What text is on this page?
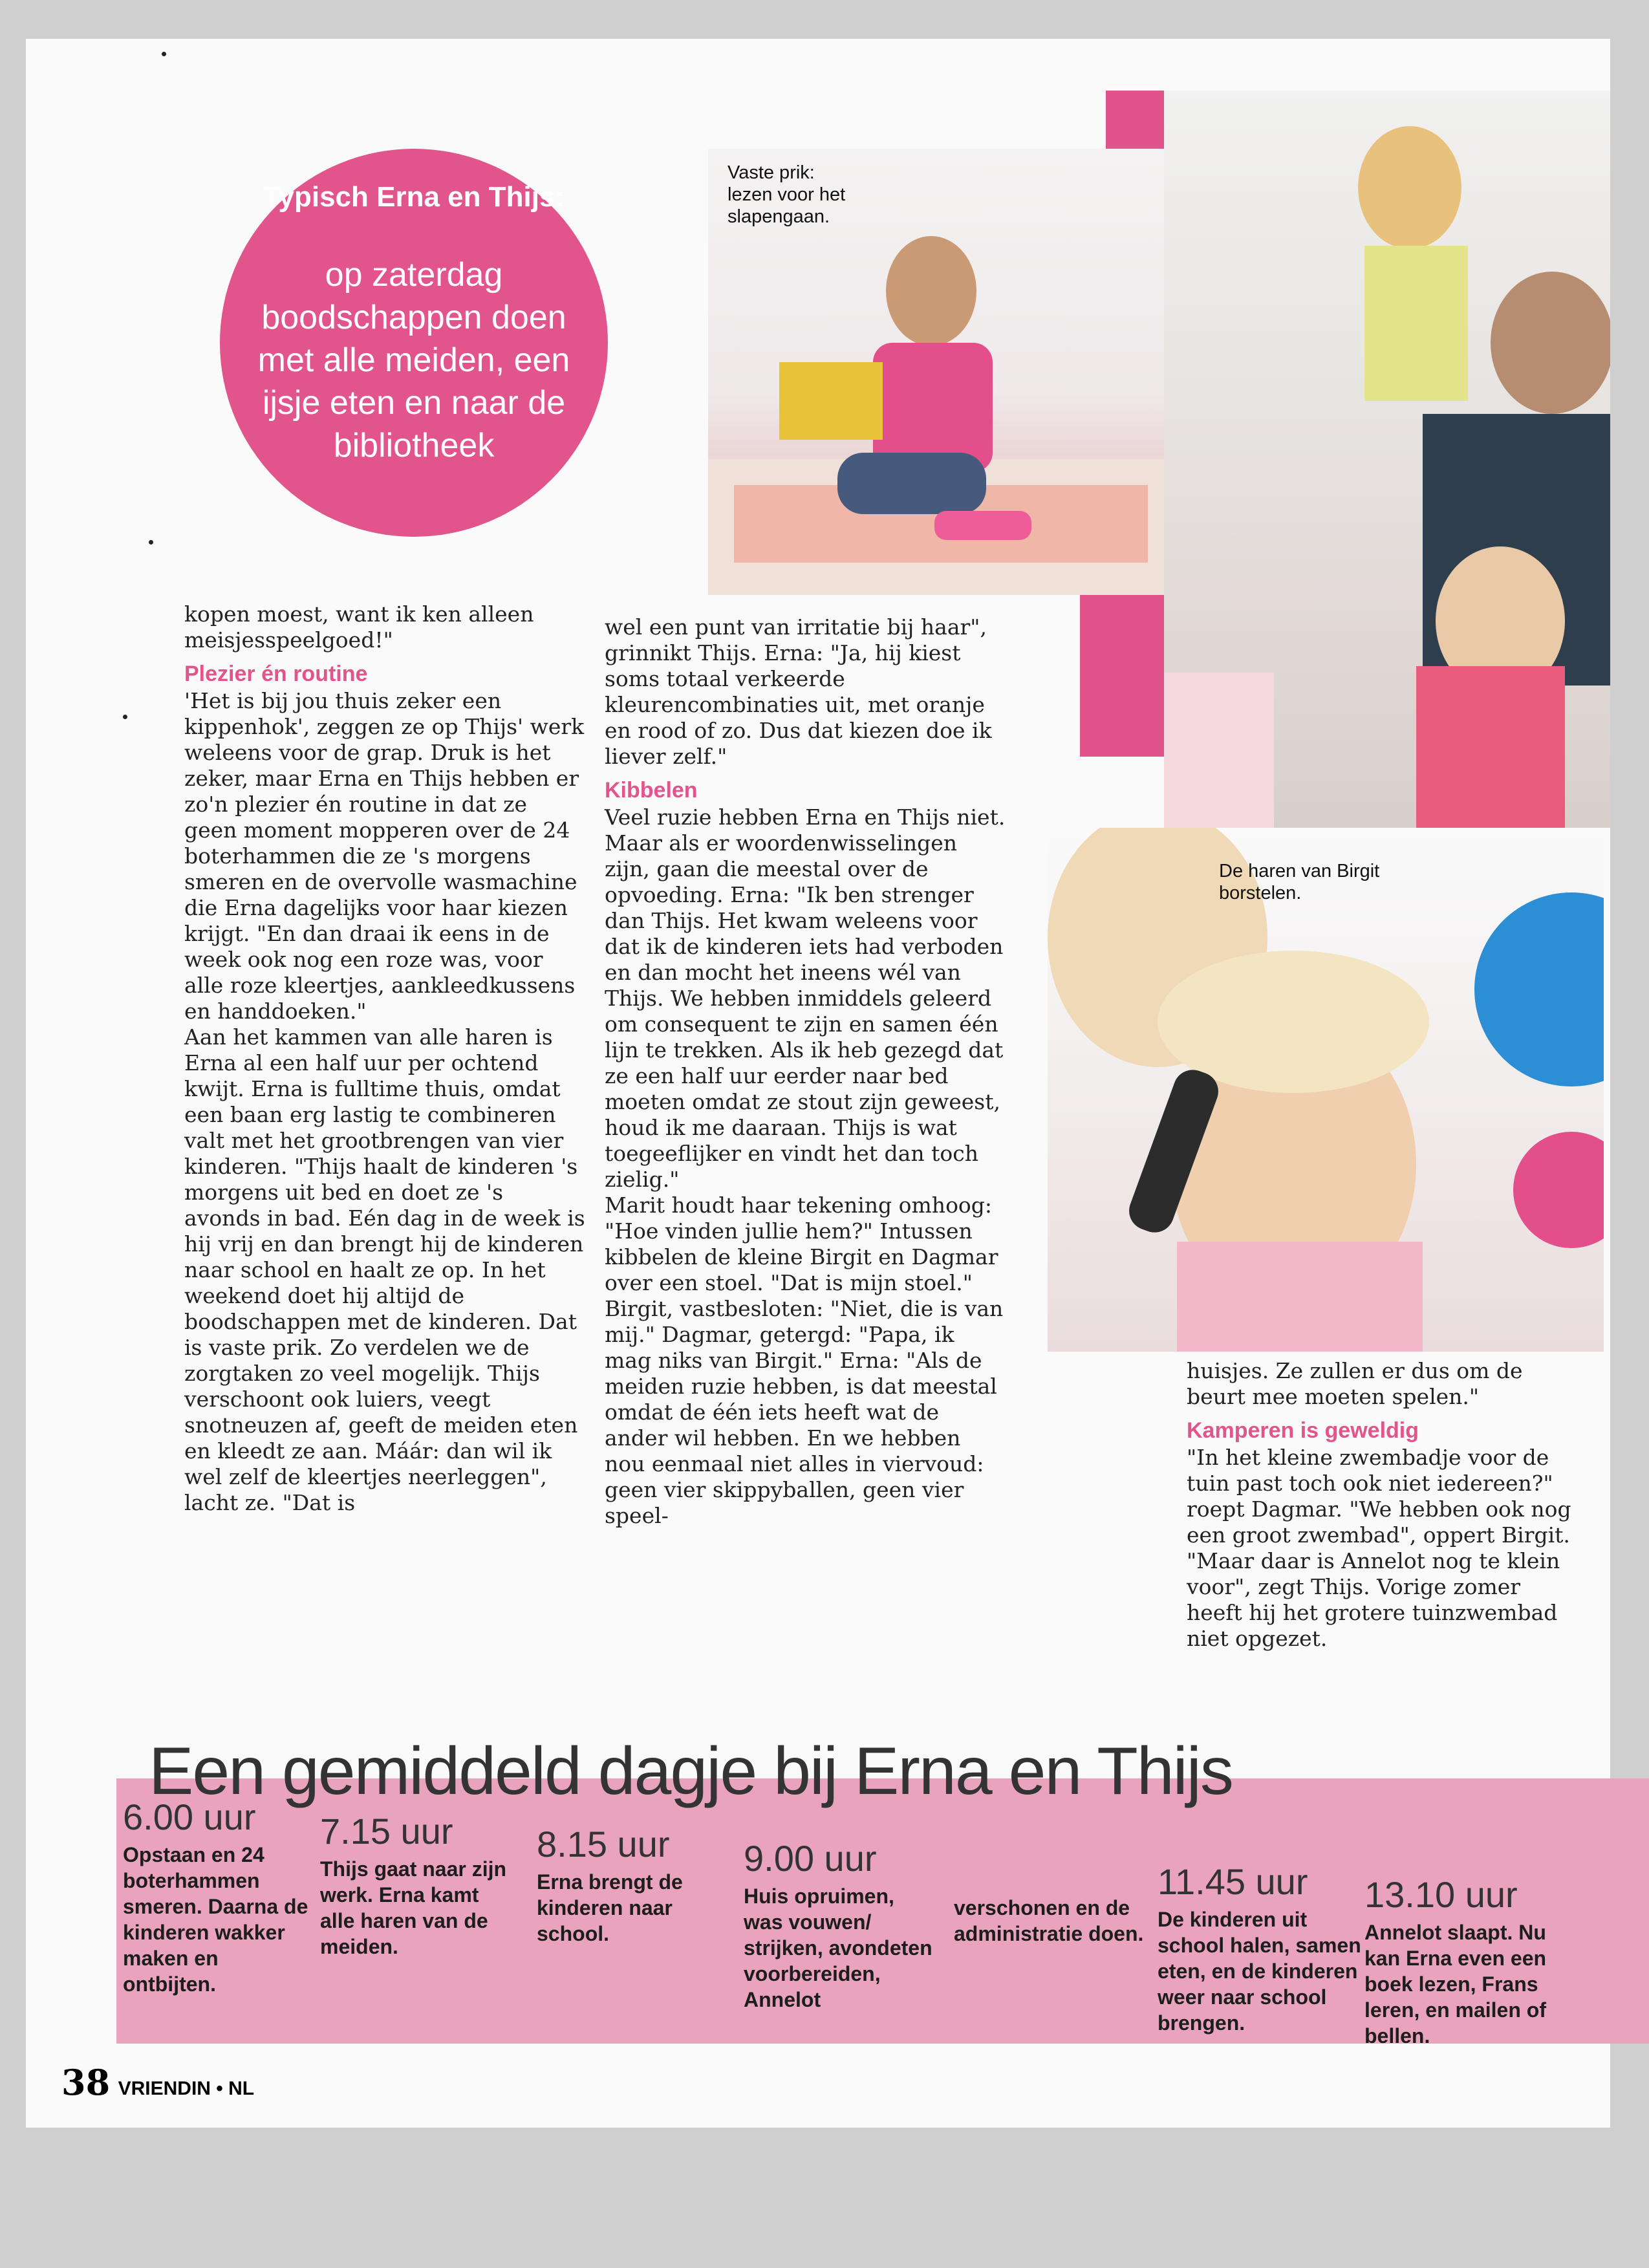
Typisch Erna en Thijs:
op zaterdag boodschappen doen met alle meiden, een ijsje eten en naar de bibliotheek
Vaste prik: lezen voor het slapengaan.
De haren van Birgit borstelen.

kopen moest, want ik ken alleen meisjesspeelgoed!"

Plezier én routine

'Het is bij jou thuis zeker een kippenhok', zeggen ze op Thijs' werk weleens voor de grap. Druk is het zeker, maar Erna en Thijs hebben er zo'n plezier én routine in dat ze geen moment mopperen over de 24 boterhammen die ze 's morgens smeren en de overvolle wasmachine die Erna dagelijks voor haar kiezen krijgt. "En dan draai ik eens in de week ook nog een roze was, voor alle roze kleertjes, aankleedkussens en handdoeken."

Aan het kammen van alle haren is Erna al een half uur per ochtend kwijt. Erna is fulltime thuis, omdat een baan erg lastig te combineren valt met het grootbrengen van vier kinderen. "Thijs haalt de kinderen 's morgens uit bed en doet ze 's avonds in bad. Eén dag in de week is hij vrij en dan brengt hij de kinderen naar school en haalt ze op. In het weekend doet hij altijd de boodschappen met de kinderen. Dat is vaste prik. Zo verdelen we de zorgtaken zo veel mogelijk. Thijs verschoont ook luiers, veegt snotneuzen af, geeft de meiden eten en kleedt ze aan. Máár: dan wil ik wel zelf de kleertjes neerleggen", lacht ze. "Dat is

wel een punt van irritatie bij haar", grinnikt Thijs. Erna: "Ja, hij kiest soms totaal verkeerde kleurencombinaties uit, met oranje en rood of zo. Dus dat kiezen doe ik liever zelf."

Kibbelen

Veel ruzie hebben Erna en Thijs niet. Maar als er woordenwisselingen zijn, gaan die meestal over de opvoeding. Erna: "Ik ben strenger dan Thijs. Het kwam weleens voor dat ik de kinderen iets had verboden en dan mocht het ineens wél van Thijs. We hebben inmiddels geleerd om consequent te zijn en samen één lijn te trekken. Als ik heb gezegd dat ze een half uur eerder naar bed moeten omdat ze stout zijn geweest, houd ik me daaraan. Thijs is wat toegeeflijker en vindt het dan toch zielig."

Marit houdt haar tekening omhoog: "Hoe vinden jullie hem?" Intussen kibbelen de kleine Birgit en Dagmar over een stoel. "Dat is mijn stoel." Birgit, vastbesloten: "Niet, die is van mij." Dagmar, getergd: "Papa, ik mag niks van Birgit." Erna: "Als de meiden ruzie hebben, is dat meestal omdat de één iets heeft wat de ander wil hebben. En we hebben nou eenmaal niet alles in viervoud: geen vier skippyballen, geen vier speel-

huisjes. Ze zullen er dus om de beurt mee moeten spelen."

Kamperen is geweldig

"In het kleine zwembadje voor de tuin past toch ook niet iedereen?" roept Dagmar. "We hebben ook nog een groot zwembad", oppert Birgit. "Maar daar is Annelot nog te klein voor", zegt Thijs. Vorige zomer heeft hij het grotere tuinzwembad niet opgezet.

Een gemiddeld dagje bij Erna en Thijs
6.00 uur
Opstaan en 24 boterhammen smeren. Daarna de kinderen wakker maken en ontbijten.
7.15 uur
Thijs gaat naar zijn werk. Erna kamt alle haren van de meiden.
8.15 uur
Erna brengt de kinderen naar school.
9.00 uur
Huis opruimen, was vouwen/ strijken, avondeten voorbereiden, Annelot
verschonen en de administratie doen.
11.45 uur
De kinderen uit school halen, samen eten, en de kinderen weer naar school brengen.
13.10 uur
Annelot slaapt. Nu kan Erna even een boek lezen, Frans leren, en mailen of bellen.
38 VRIENDIN • NL
